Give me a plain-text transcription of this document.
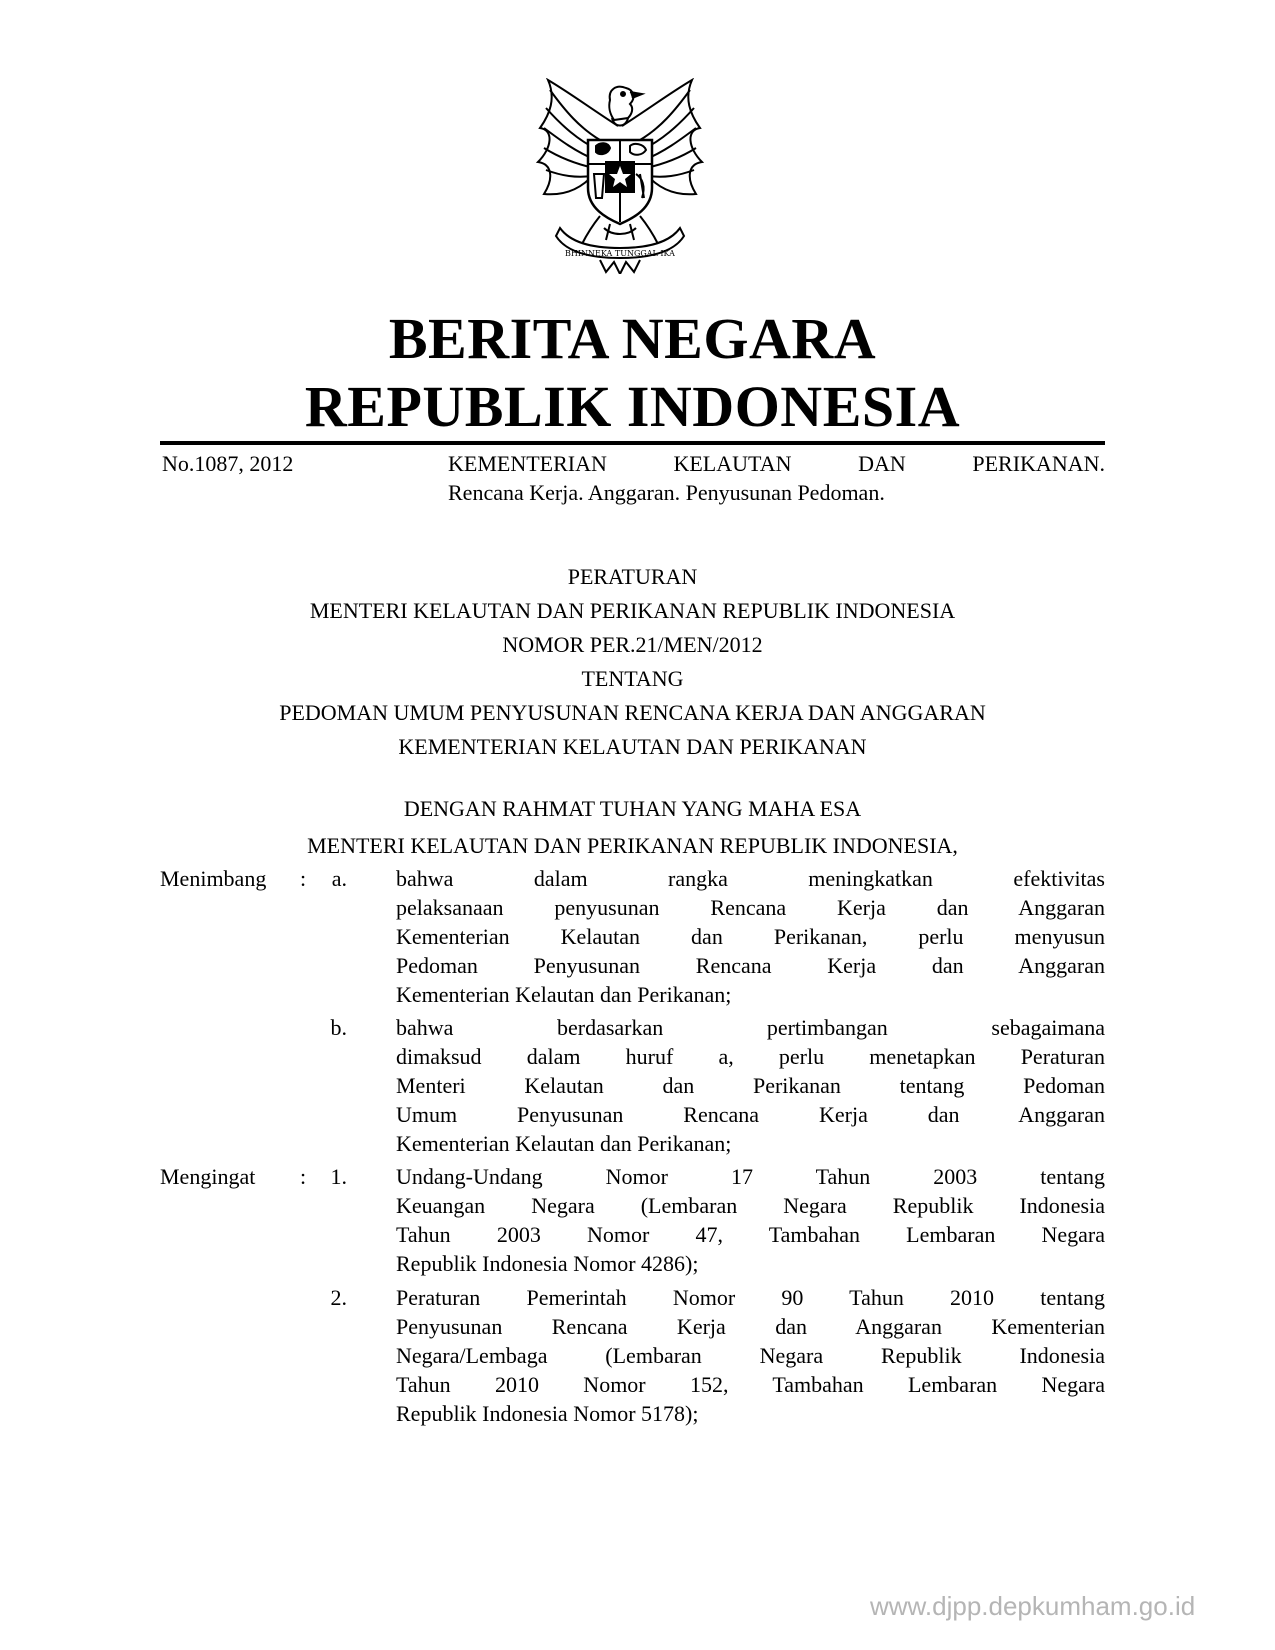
BHINNEKA TUNGGAL IKA
BERITA NEGARA
REPUBLIK INDONESIA
No.1087, 2012	KEMENTERIAN	KELAUTAN	DAN	PERIKANAN.
Rencana Kerja. Anggaran. Penyusunan Pedoman.
PERATURAN
MENTERI KELAUTAN DAN PERIKANAN REPUBLIK INDONESIA
NOMOR PER.21/MEN/2012
TENTANG
PEDOMAN UMUM PENYUSUNAN RENCANA KERJA DAN ANGGARAN
KEMENTERIAN KELAUTAN DAN PERIKANAN
DENGAN RAHMAT TUHAN YANG MAHA ESA
MENTERI KELAUTAN DAN PERIKANAN REPUBLIK INDONESIA,
Menimbang :	a. bahwa dalam rangka meningkatkan efektivitas
pelaksanaan penyusunan Rencana Kerja dan Anggaran
Kementerian Kelautan dan Perikanan, perlu menyusun
Pedoman Penyusunan Rencana Kerja dan Anggaran
Kementerian Kelautan dan Perikanan;
b. bahwa berdasarkan pertimbangan sebagaimana
dimaksud dalam huruf a, perlu menetapkan Peraturan
Menteri Kelautan dan Perikanan tentang Pedoman
Umum Penyusunan Rencana Kerja dan Anggaran
Kementerian Kelautan dan Perikanan;
Mengingat :	1. Undang-Undang Nomor 17 Tahun 2003 tentang
Keuangan Negara (Lembaran Negara Republik Indonesia
Tahun 2003 Nomor 47, Tambahan Lembaran Negara
Republik Indonesia Nomor 4286);
2. Peraturan Pemerintah Nomor 90 Tahun 2010 tentang
Penyusunan Rencana Kerja dan Anggaran Kementerian
Negara/Lembaga (Lembaran Negara Republik Indonesia
Tahun 2010 Nomor 152, Tambahan Lembaran Negara
Republik Indonesia Nomor 5178);
www.djpp.depkumham.go.id
